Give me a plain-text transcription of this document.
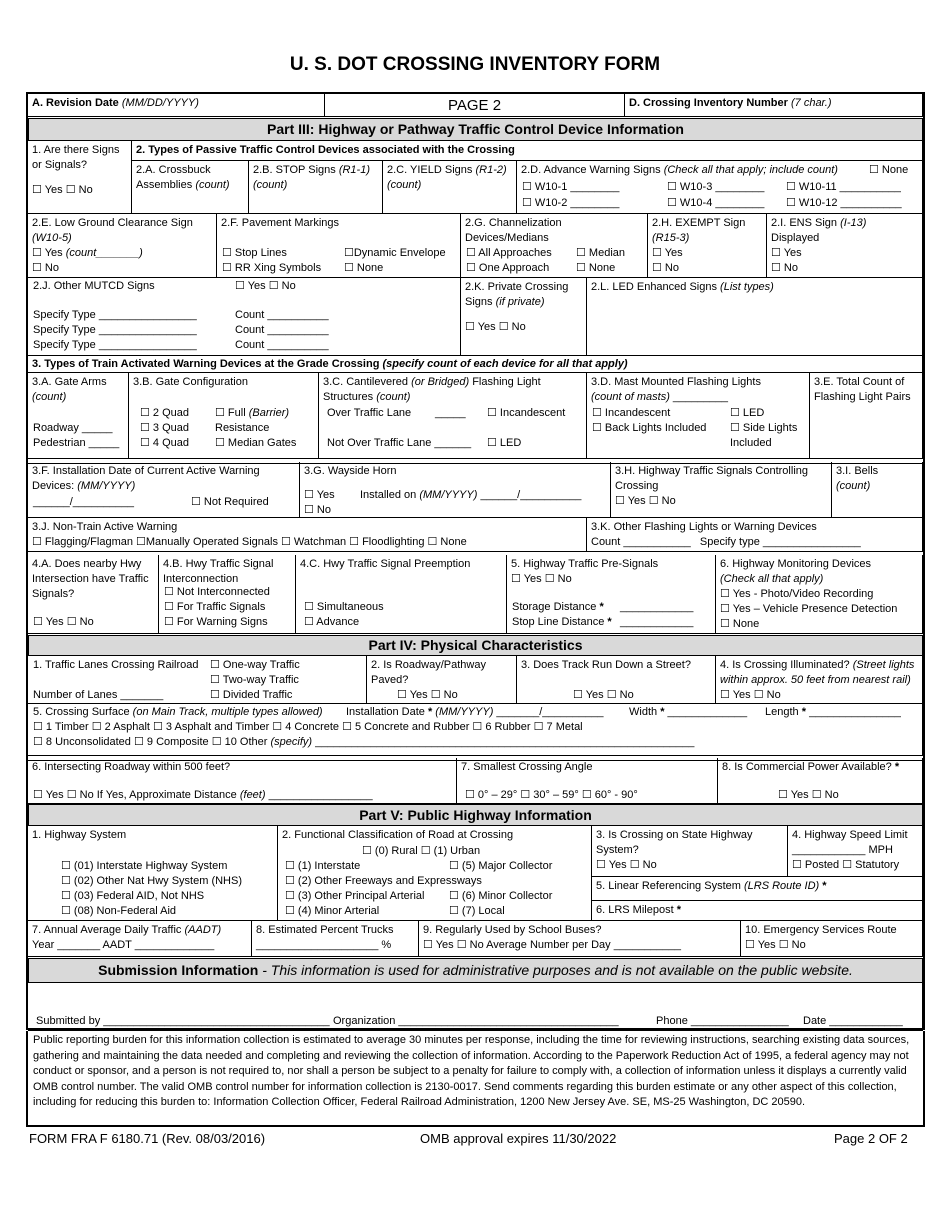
U. S. DOT CROSSING INVENTORY FORM
A. Revision Date (MM/DD/YYYY)	PAGE 2	D. Crossing Inventory Number (7 char.)
Part III: Highway or Pathway Traffic Control Device Information
1. Are there Signs or Signals?
☐ Yes ☐ No
2. Types of Passive Traffic Control Devices associated with the Crossing
2.A. Crossbuck Assemblies (count)
2.B. STOP Signs (R1-1)
(count)
2.C. YIELD Signs (R1-2)
(count)
2.D. Advance Warning Signs (Check all that apply; include count)	☐ None
☐ W10-1 ________
☐ W10-2 ________
☐ W10-3 ________
☐ W10-4 ________
☐ W10-11 __________
☐ W10-12 __________
2.E. Low Ground Clearance Sign
(W10-5)
☐ Yes (count_______)
☐ No
2.F. Pavement Markings
☐ Stop Lines	☐Dynamic Envelope
☐ RR Xing Symbols ☐ None
2.G. Channelization Devices/Medians
☐ All Approaches ☐ Median
☐ One Approach ☐ None
2.H. EXEMPT Sign
(R15-3)
☐ Yes
☐ No
2.I. ENS Sign (I-13)
Displayed
☐ Yes
☐ No
2.J. Other MUTCD Signs	☐ Yes ☐ No
Specify Type ________________
Specify Type ________________
Specify Type ________________
Count __________
Count __________
Count __________
2.K. Private Crossing Signs (if private)
☐ Yes ☐ No
2.L. LED Enhanced Signs (List types)
3. Types of Train Activated Warning Devices at the Grade Crossing (specify count of each device for all that apply)
3.A. Gate Arms
(count)
Roadway _____
Pedestrian _____
3.B. Gate Configuration
☐ 2 Quad
☐ 3 Quad
☐ 4 Quad
☐ Full (Barrier)
Resistance
☐ Median Gates
3.C. Cantilevered (or Bridged) Flashing Light Structures (count)
Over Traffic Lane _____ ☐ Incandescent
Not Over Traffic Lane ______ ☐ LED
3.D. Mast Mounted Flashing Lights
(count of masts) _________
☐ Incandescent	☐ LED
☐ Back Lights Included ☐ Side Lights
Included
3.E. Total Count of Flashing Light Pairs
3.F. Installation Date of Current Active Warning Devices: (MM/YYYY)
______/__________	☐ Not Required
3.G. Wayside Horn
☐ Yes Installed on (MM/YYYY) ______/__________
☐ No
3.H. Highway Traffic Signals Controlling Crossing
☐ Yes ☐ No
3.I. Bells
(count)
3.J. Non-Train Active Warning
☐ Flagging/Flagman ☐Manually Operated Signals ☐ Watchman ☐ Floodlighting ☐ None
3.K. Other Flashing Lights or Warning Devices
Count ___________ Specify type ________________
4.A. Does nearby Hwy Intersection have Traffic Signals?
☐ Yes ☐ No
4.B. Hwy Traffic Signal Interconnection
☐ Not Interconnected
☐ For Traffic Signals
☐ For Warning Signs
4.C. Hwy Traffic Signal Preemption
☐ Simultaneous
☐ Advance
5. Highway Traffic Pre-Signals
☐ Yes ☐ No
Storage Distance * ____________
Stop Line Distance * ____________
6. Highway Monitoring Devices
(Check all that apply)
☐ Yes - Photo/Video Recording
☐ Yes – Vehicle Presence Detection
☐ None
Part IV: Physical Characteristics
1. Traffic Lanes Crossing Railroad ☐ One-way Traffic
☐ Two-way Traffic
☐ Divided Traffic
Number of Lanes _______
2. Is Roadway/Pathway Paved?
☐ Yes ☐ No
3. Does Track Run Down a Street?
☐ Yes ☐ No
4. Is Crossing Illuminated? (Street lights within approx. 50 feet from nearest rail) ☐ Yes ☐ No
5. Crossing Surface (on Main Track, multiple types allowed) Installation Date * (MM/YYYY) _______/__________ Width * _____________ Length * _______________
☐ 1 Timber ☐ 2 Asphalt ☐ 3 Asphalt and Timber ☐ 4 Concrete ☐ 5 Concrete and Rubber ☐ 6 Rubber ☐ 7 Metal
☐ 8 Unconsolidated ☐ 9 Composite ☐ 10 Other (specify) ______________________________________________________________
6. Intersecting Roadway within 500 feet?
☐ Yes ☐ No If Yes, Approximate Distance (feet) _________________
7. Smallest Crossing Angle
☐ 0° – 29° ☐ 30° – 59° ☐ 60° - 90°
8. Is Commercial Power Available? *
☐ Yes ☐ No
Part V: Public Highway Information
1. Highway System
☐ (01) Interstate Highway System
☐ (02) Other Nat Hwy System (NHS)
☐ (03) Federal AID, Not NHS
☐ (08) Non-Federal Aid
2. Functional Classification of Road at Crossing
☐ (0) Rural ☐ (1) Urban
☐ (1) Interstate	☐ (5) Major Collector
☐ (2) Other Freeways and Expressways
☐ (3) Other Principal Arterial ☐ (6) Minor Collector
☐ (4) Minor Arterial	☐ (7) Local
3. Is Crossing on State Highway System?
☐ Yes ☐ No
4. Highway Speed Limit
____________ MPH
☐ Posted ☐ Statutory
5. Linear Referencing System (LRS Route ID) *
6. LRS Milepost *
7. Annual Average Daily Traffic (AADT)
Year _______ AADT _____________
8. Estimated Percent Trucks
____________________ %
9. Regularly Used by School Buses?
☐ Yes ☐ No Average Number per Day ___________
10. Emergency Services Route
☐ Yes ☐ No
Submission Information - This information is used for administrative purposes and is not available on the public website.
Submitted by _____________________________________ Organization ____________________________________	Phone ________________ Date ____________
Public reporting burden for this information collection is estimated to average 30 minutes per response, including the time for reviewing instructions, searching existing data sources, gathering and maintaining the data needed and completing and reviewing the collection of information. According to the Paperwork Reduction Act of 1995, a federal agency may not conduct or sponsor, and a person is not required to, nor shall a person be subject to a penalty for failure to comply with, a collection of information unless it displays a currently valid OMB control number. The valid OMB control number for information collection is 2130-0017. Send comments regarding this burden estimate or any other aspect of this collection, including for reducing this burden to: Information Collection Officer, Federal Railroad Administration, 1200 New Jersey Ave. SE, MS-25 Washington, DC 20590.
FORM FRA F 6180.71 (Rev. 08/03/2016)	OMB approval expires 11/30/2022	Page 2 OF 2
